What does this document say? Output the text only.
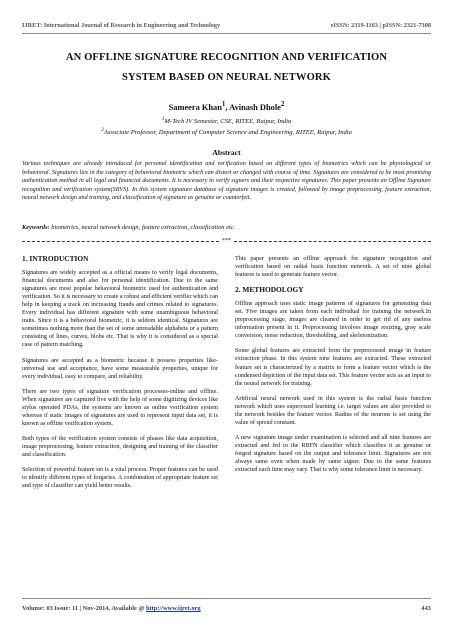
IJRET: International Journal of Research in Engineering and Technology	eISSN: 2319-1163 | pISSN: 2321-7308
AN OFFLINE SIGNATURE RECOGNITION AND VERIFICATION
SYSTEM BASED ON NEURAL NETWORK
Sameera Khan$^1$, Avinash Dhole$^2$
$^1$M-Tech IV Semester, CSE, RITEE, Raipur, India
$^2$Associate Professor, Department of Computer Science and Engineering, RITEE, Raipur, India
Abstract
Various techniques are already introduced for personal identification and verification based on different types of biometrics which can be physiological or behavioral. Signatures lies in the category of behavioral biometric which can distort or changed with course of time. Signatures are considered to be most promising authentication method in all legal and financial documents. It is necessary to verify signers and their respective signatures. This paper presents an Offline Signature recognition and verification system(SRVS). In this system signature database of signature images is created, followed by image preprocessing, feature extraction, neural network design and training, and classification of signature as genuine or counterfeit.
Keywords: biometrics, neural network design, feature extraction, classification etc.
***
1. INTRODUCTION

Signatures are widely accepted as a official means to verify legal documents, financial documents and also for personal identification. Due to the same signatures are most popular behavioral biometric used for authentication and verification. So it is necessary to create a robust and efficient verifier which can help in keeping a track on increasing frauds and crimes related to signatures. Every individual has different signature with some unambiguous behavioral traits. Since it is a behavioral biometric, it is seldom identical. Signatures are sometimes nothing more than the set of some unreadable alphabets or a pattern consisting of lines, curves, blobs etc. That is why it is considered as a special case of pattern matching.

Signatures are accepted as a biometric because it possess properties like-universal use and acceptance, have some measurable properties, unique for every individual, easy to compare, and reliability.

There are two types of signature verification processes-online and offline. When signatures are captured live with the help of some digitizing devices like stylus operated PDAs, the systems are known as online verification system whereas if static images of signatures are used to represent input data set, it is known as offline verification system.

Both types of the verification system consists of phases like data acquisition, image preprocessing, feature extraction, designing and training of the classifier and classification.

Selection of powerful feature set is a vital process. Proper features can be used to identify different types of forgeries. A combination of appropriate feature set and type of classifier can yield better results.

This paper presents an offline approach for signature recognition and verification based on radial basis function network. A set of nine global features is used to generate feature vector.

2. METHODOLOGY

Offline approach uses static image patterns of signatures for generating data set. Five images are taken from each individual for training the network.In preprocessing stage, images are cleaned in order to get rid of any useless information present in it. Preprocessing involves image resizing, gray scale conversion, noise reduction, thresholding, and skeletonization.

Some global features are extracted from the preprocessed image in feature extraction phase. In this system nine features are extracted. These extracted feature set is characterized by a matrix to form a feature vector which is the condensed depiction of the input data set. This feature vector acts as an input to the neural network for training.

Artificial neural network used in this system is the radial basis function network which uses supervised learning i.e. target values are also provided to the network besides the feature vector. Radius of the neurons is set using the value of spread constant.

A new signature image under examination is selected and all nine features are extracted and fed to the RBFN classifier which classifies it as genuine or forged signature based on the output and tolerance limit. Signatures are not always same even when made by same signer. Due to the same features extracted each time may vary. That is why some tolerance limit is necessary.

Volume: 03 Issue: 11 | Nov-2014, Available @ http://www.ijret.org	443
